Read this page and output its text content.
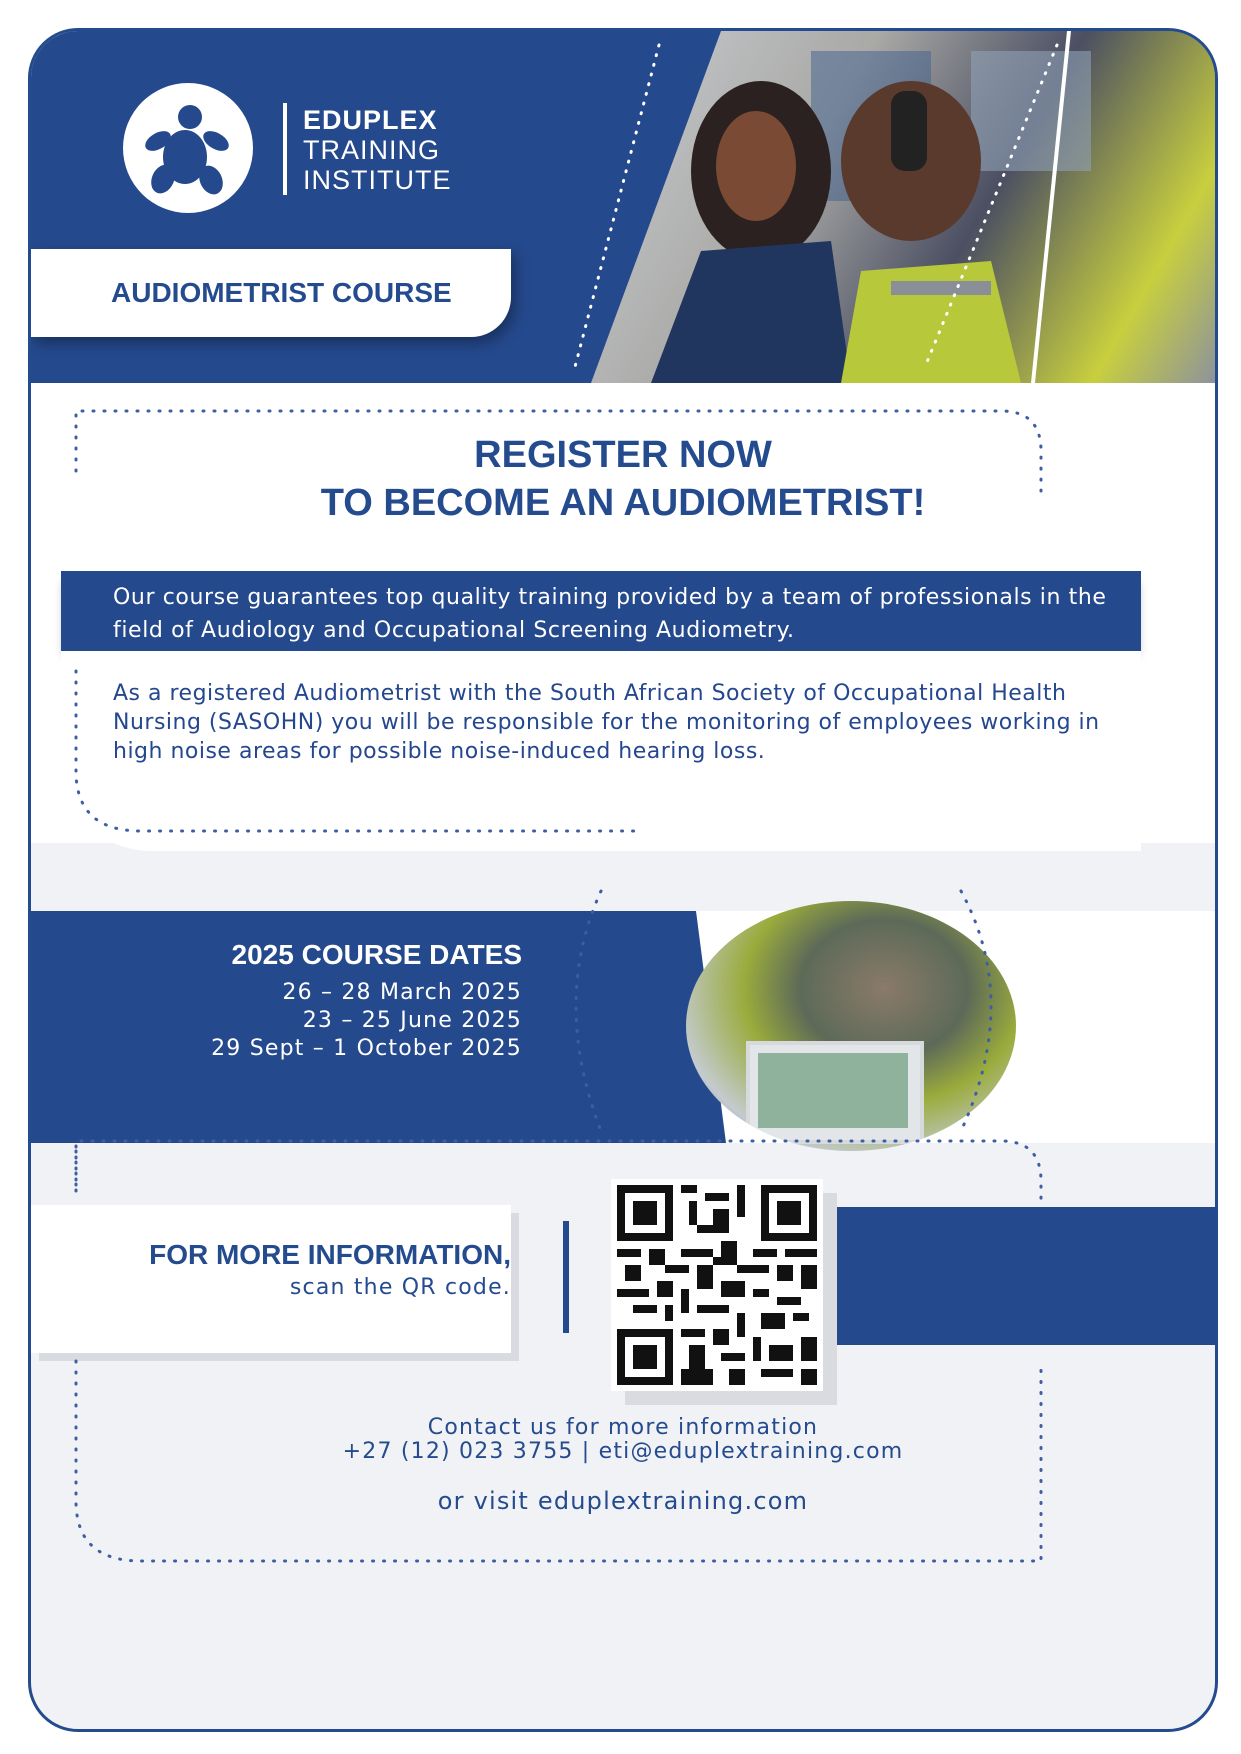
EDUPLEX
TRAINING
INSTITUTE
AUDIOMETRIST COURSE
REGISTER NOW
TO BECOME AN AUDIOMETRIST!

Our course guarantees top quality training provided by a team of professionals in the field of Audiology and Occupational Screening Audiometry.

As a registered Audiometrist with the South African Society of Occupational Health Nursing (SASOHN) you will be responsible for the monitoring of employees working in high noise areas for possible noise-induced hearing loss.

2025 COURSE DATES
26 – 28 March 2025
23 – 25 June 2025
29 Sept – 1 October 2025
FOR MORE INFORMATION,
scan the QR code.
Contact us for more information
+27 (12) 023 3755 | eti@eduplextraining.com
or visit eduplextraining.com
